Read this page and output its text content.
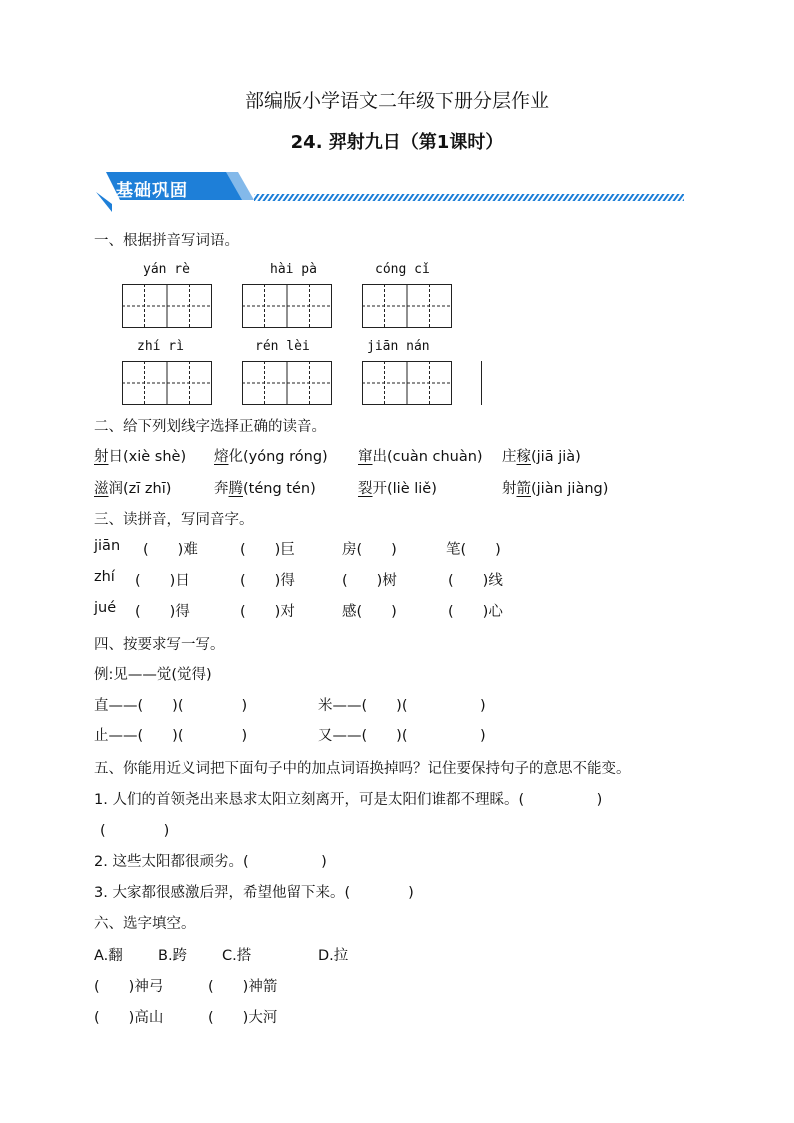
部编版小学语文二年级下册分层作业
24. 羿射九日（第1课时）
基础巩固
一、根据拼音写词语。
yán rè	hài pà	cóng cǐ
zhí rì	rén lèi	jiān nán
二、给下列划线字选择正确的读音。
射日(xiè shè) 熔化(yóng róng) 窜出(cuàn chuàn) 庄稼(jiā jià)
滋润(zī zhī)	奔腾(téng tén)	裂开(liè liě)	射箭(jiàn jiàng)
三、读拼音，写同音字。
jiān (　　)难	(　　)巨	房(　　)	笔(　　)
zhí (　　)日	(　　)得	(　　)树	(　　)线
jué (　　)得	(　　)对	感(　　)	(　　)心
四、按要求写一写。
例:见——觉(觉得)
直——(　　)(　　　　)	米——(　　)(　　　　　)
止——(　　)(　　　　)	又——(　　)(　　　　　)
五、你能用近义词把下面句子中的加点词语换掉吗？记住要保持句子的意思不能变。
1. 人们的首领尧出来恳求太阳立刻离开，可是太阳们谁都不理睬。(　　　　　)
(　　　　)
2. 这些太阳都很顽劣。(　　　　　)
3. 大家都很感激后羿，希望他留下来。(　　　　)
六、选字填空。
A.翻 B.跨 C.搭	D.拉
(　　)神弓	(　　)神箭
(　　)高山	(　　)大河
